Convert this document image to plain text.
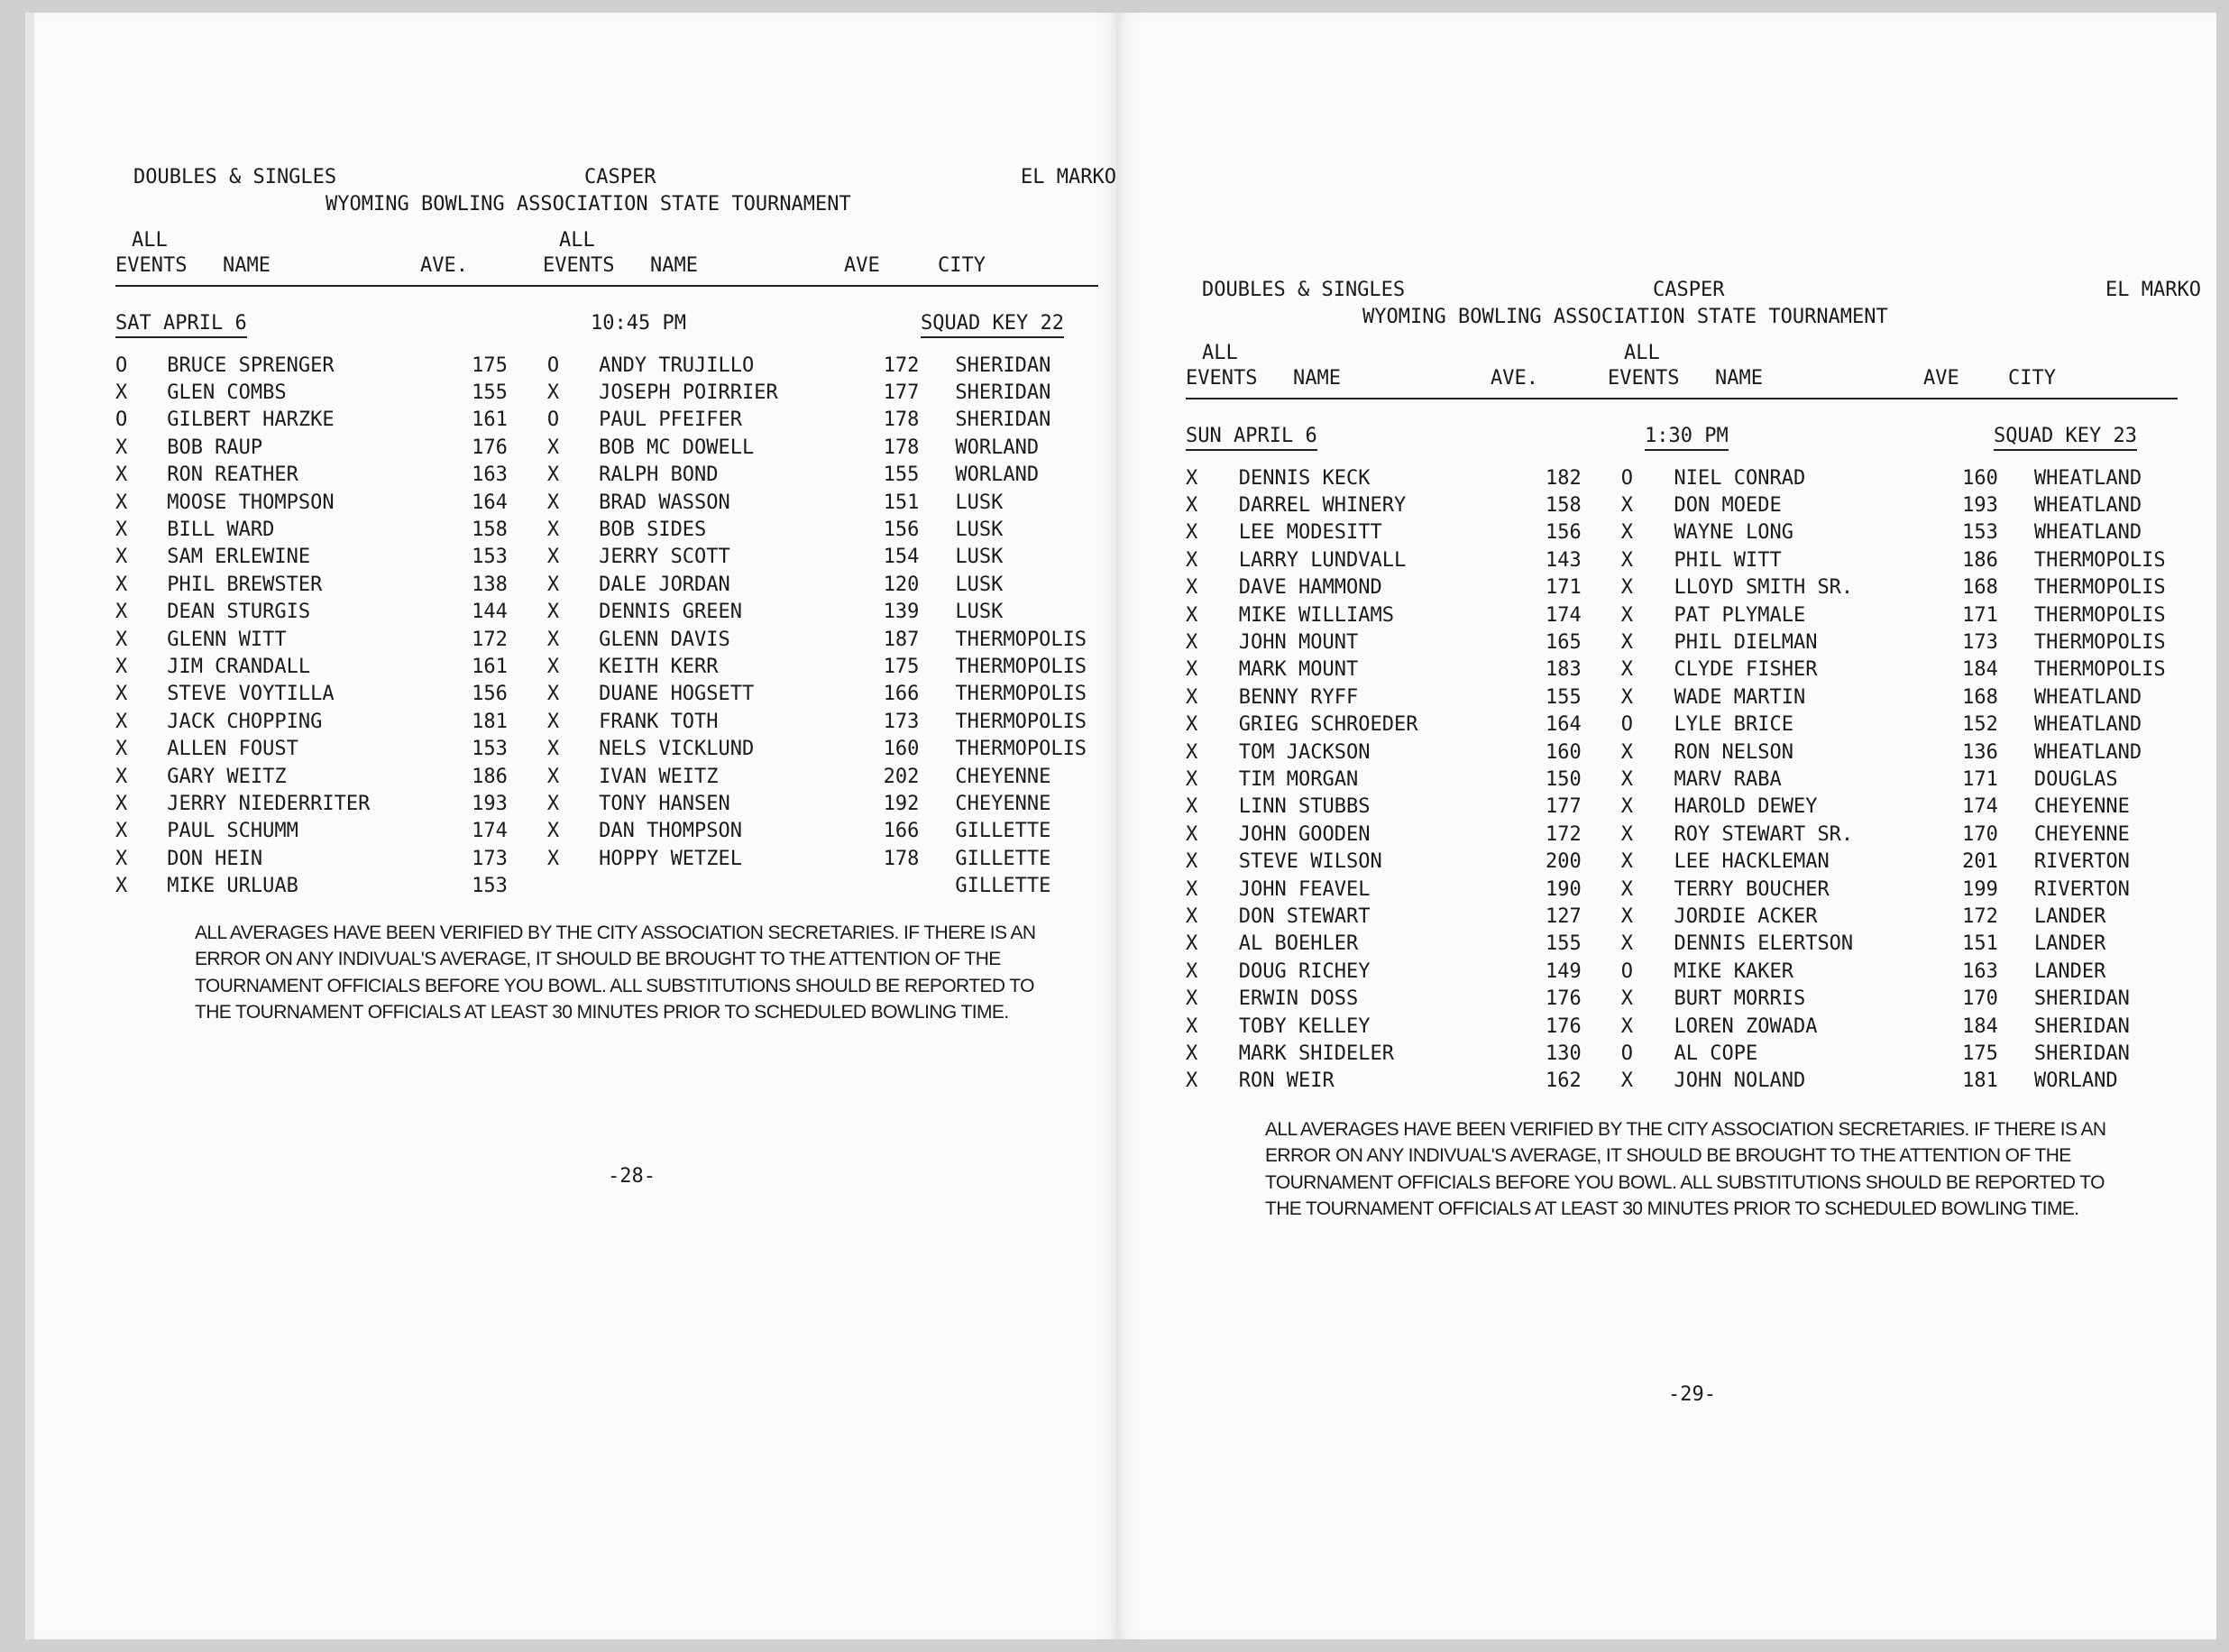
DOUBLES & SINGLES	CASPER	EL MARKO
WYOMING BOWLING ASSOCIATION STATE TOURNAMENT
ALL
EVENTS NAME	AVE.
ALL
EVENTS NAME	AVE	CITY
SAT APRIL 6	10:45 PM	SQUAD KEY 22
O	BRUCE SPRENGER	175	O	ANDY TRUJILLO	172	SHERIDAN
X	GLEN COMBS	155	X	JOSEPH POIRRIER	177	SHERIDAN
O	GILBERT HARZKE	161	O	PAUL PFEIFER	178	SHERIDAN
X	BOB RAUP	176	X	BOB MC DOWELL	178	WORLAND
X	RON REATHER	163	X	RALPH BOND	155	WORLAND
X	MOOSE THOMPSON	164	X	BRAD WASSON	151	LUSK
X	BILL WARD	158	X	BOB SIDES	156	LUSK
X	SAM ERLEWINE	153	X	JERRY SCOTT	154	LUSK
X	PHIL BREWSTER	138	X	DALE JORDAN	120	LUSK
X	DEAN STURGIS	144	X	DENNIS GREEN	139	LUSK
X	GLENN WITT	172	X	GLENN DAVIS	187	THERMOPOLIS
X	JIM CRANDALL	161	X	KEITH KERR	175	THERMOPOLIS
X	STEVE VOYTILLA	156	X	DUANE HOGSETT	166	THERMOPOLIS
X	JACK CHOPPING	181	X	FRANK TOTH	173	THERMOPOLIS
X	ALLEN FOUST	153	X	NELS VICKLUND	160	THERMOPOLIS
X	GARY WEITZ	186	X	IVAN WEITZ	202	CHEYENNE
X	JERRY NIEDERRITER	193	X	TONY HANSEN	192	CHEYENNE
X	PAUL SCHUMM	174	X	DAN THOMPSON	166	GILLETTE
X	DON HEIN	173	X	HOPPY WETZEL	178	GILLETTE
X	MIKE URLUAB	153				GILLETTE
ALL AVERAGES HAVE BEEN VERIFIED BY THE CITY ASSOCIATION SECRETARIES. IF THERE IS AN ERROR ON ANY INDIVUAL'S AVERAGE, IT SHOULD BE BROUGHT TO THE ATTENTION OF THE TOURNAMENT OFFICIALS BEFORE YOU BOWL. ALL SUBSTITUTIONS SHOULD BE REPORTED TO THE TOURNAMENT OFFICIALS AT LEAST 30 MINUTES PRIOR TO SCHEDULED BOWLING TIME.
-28-
DOUBLES & SINGLES	CASPER	EL MARKO
WYOMING BOWLING ASSOCIATION STATE TOURNAMENT
ALL
EVENTS NAME	AVE.
ALL
EVENTS NAME	AVE CITY
SUN APRIL 6	1:30 PM	SQUAD KEY 23
X	DENNIS KECK	182	O	NIEL CONRAD	160	WHEATLAND
X	DARREL WHINERY	158	X	DON MOEDE	193	WHEATLAND
X	LEE MODESITT	156	X	WAYNE LONG	153	WHEATLAND
X	LARRY LUNDVALL	143	X	PHIL WITT	186	THERMOPOLIS
X	DAVE HAMMOND	171	X	LLOYD SMITH SR.	168	THERMOPOLIS
X	MIKE WILLIAMS	174	X	PAT PLYMALE	171	THERMOPOLIS
X	JOHN MOUNT	165	X	PHIL DIELMAN	173	THERMOPOLIS
X	MARK MOUNT	183	X	CLYDE FISHER	184	THERMOPOLIS
X	BENNY RYFF	155	X	WADE MARTIN	168	WHEATLAND
X	GRIEG SCHROEDER	164	O	LYLE BRICE	152	WHEATLAND
X	TOM JACKSON	160	X	RON NELSON	136	WHEATLAND
X	TIM MORGAN	150	X	MARV RABA	171	DOUGLAS
X	LINN STUBBS	177	X	HAROLD DEWEY	174	CHEYENNE
X	JOHN GOODEN	172	X	ROY STEWART SR.	170	CHEYENNE
X	STEVE WILSON	200	X	LEE HACKLEMAN	201	RIVERTON
X	JOHN FEAVEL	190	X	TERRY BOUCHER	199	RIVERTON
X	DON STEWART	127	X	JORDIE ACKER	172	LANDER
X	AL BOEHLER	155	X	DENNIS ELERTSON	151	LANDER
X	DOUG RICHEY	149	O	MIKE KAKER	163	LANDER
X	ERWIN DOSS	176	X	BURT MORRIS	170	SHERIDAN
X	TOBY KELLEY	176	X	LOREN ZOWADA	184	SHERIDAN
X	MARK SHIDELER	130	O	AL COPE	175	SHERIDAN
X	RON WEIR	162	X	JOHN NOLAND	181	WORLAND
ALL AVERAGES HAVE BEEN VERIFIED BY THE CITY ASSOCIATION SECRETARIES. IF THERE IS AN ERROR ON ANY INDIVUAL'S AVERAGE, IT SHOULD BE BROUGHT TO THE ATTENTION OF THE TOURNAMENT OFFICIALS BEFORE YOU BOWL. ALL SUBSTITUTIONS SHOULD BE REPORTED TO THE TOURNAMENT OFFICIALS AT LEAST 30 MINUTES PRIOR TO SCHEDULED BOWLING TIME.
-29-
